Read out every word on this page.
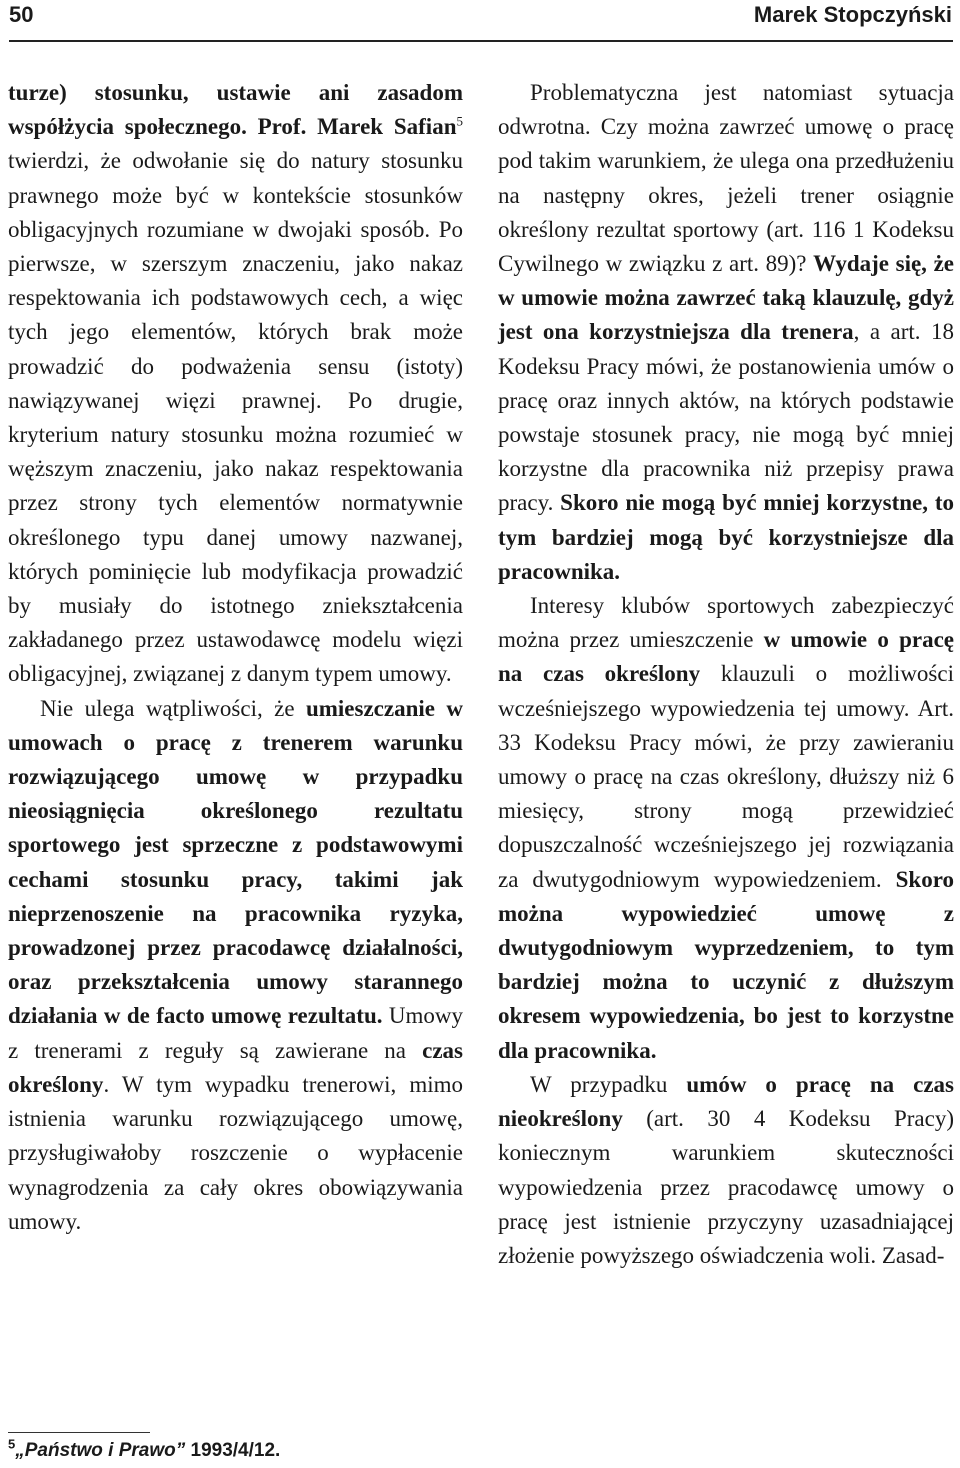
50	Marek Stopczyński

turze) stosunku, ustawie ani zasadom współżycia społecznego. Prof. Marek Safian$^5$ twierdzi, że odwołanie się do natury stosunku prawnego może być w kontekście stosunków obligacyjnych rozumiane w dwojaki sposób. Po pierwsze, w szerszym znaczeniu, jako nakaz respektowania ich podstawowych cech, a więc tych jego elementów, których brak może prowadzić do podważenia sensu (istoty) nawiązywanej więzi prawnej. Po drugie, kryterium natury stosunku można rozumieć w węższym znaczeniu, jako nakaz respektowania przez strony tych elementów normatywnie określonego typu danej umowy nazwanej, których pominięcie lub modyfikacja prowadzić by musiały do istotnego zniekształcenia zakładanego przez ustawodawcę modelu więzi obligacyjnej, związanej z danym typem umowy.

Nie ulega wątpliwości, że umieszczanie w umowach o pracę z trenerem warunku rozwiązującego umowę w przypadku nieosiągnięcia określonego rezultatu sportowego jest sprzeczne z podstawowymi cechami stosunku pracy, takimi jak nieprzenoszenie na pracownika ryzyka, prowadzonej przez pracodawcę działalności, oraz przekształcenia umowy starannego działania w de facto umowę rezultatu. Umowy z trenerami z reguły są zawierane na czas określony. W tym wypadku trenerowi, mimo istnienia warunku rozwiązującego umowę, przysługiwałoby roszczenie o wypłacenie wynagrodzenia za cały okres obowiązywania umowy.

$^5$„Państwo i Prawo” 1993/4/12.

Problematyczna jest natomiast sytuacja odwrotna. Czy można zawrzeć umowę o pracę pod takim warunkiem, że ulega ona przedłużeniu na następny okres, jeżeli trener osiągnie określony rezultat sportowy (art. 116 1 Kodeksu Cywilnego w związku z art. 89)? Wydaje się, że w umowie można zawrzeć taką klauzulę, gdyż jest ona korzystniejsza dla trenera, a art. 18 Kodeksu Pracy mówi, że postanowienia umów o pracę oraz innych aktów, na których podstawie powstaje stosunek pracy, nie mogą być mniej korzystne dla pracownika niż przepisy prawa pracy. Skoro nie mogą być mniej korzystne, to tym bardziej mogą być korzystniejsze dla pracownika.

Interesy klubów sportowych zabezpieczyć można przez umieszczenie w umowie o pracę na czas określony klauzuli o możliwości wcześniejszego wypowiedzenia tej umowy. Art. 33 Kodeksu Pracy mówi, że przy zawieraniu umowy o pracę na czas określony, dłuższy niż 6 miesięcy, strony mogą przewidzieć dopuszczalność wcześniejszego jej rozwiązania za dwutygodniowym wypowiedzeniem. Skoro można wypowiedzieć umowę z dwutygodniowym wyprzedzeniem, to tym bardziej można to uczynić z dłuższym okresem wypowiedzenia, bo jest to korzystne dla pracownika.

W przypadku umów o pracę na czas nieokreślony (art. 30 4 Kodeksu Pracy) koniecznym warunkiem skuteczności wypowiedzenia przez pracodawcę umowy o pracę jest istnienie przyczyny uzasadniającej złożenie powyższego oświadczenia woli. Zasad-
